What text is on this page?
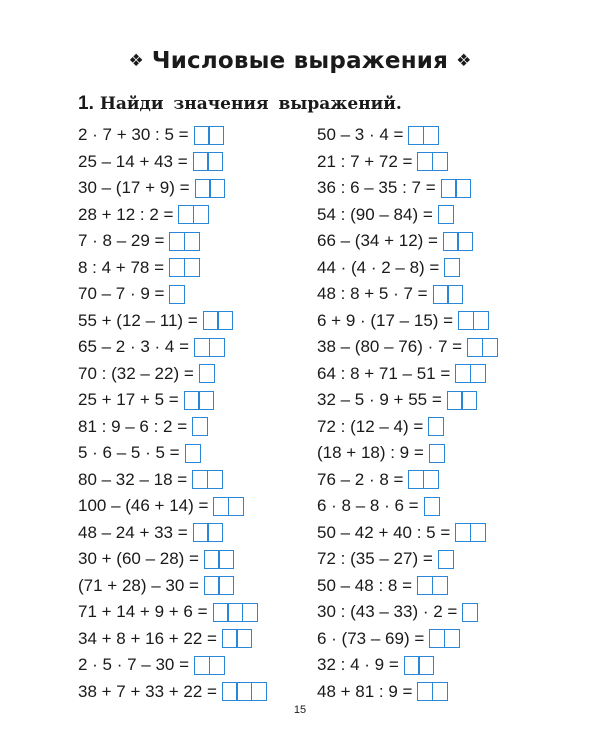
❖ Числовые выражения ❖
1. Найди значения выражений.
2 · 7 + 30 : 5 =
25 – 14 + 43 =
30 – (17 + 9) =
28 + 12 : 2 =
7 · 8 – 29 =
8 : 4 + 78 =
70 – 7 · 9 =
55 + (12 – 11) =
65 – 2 · 3 · 4 =
70 : (32 – 22) =
25 + 17 + 5 =
81 : 9 – 6 : 2 =
5 · 6 – 5 · 5 =
80 – 32 – 18 =
100 – (46 + 14) =
48 – 24 + 33 =
30 + (60 – 28) =
(71 + 28) – 30 =
71 + 14 + 9 + 6 =
34 + 8 + 16 + 22 =
2 · 5 · 7 – 30 =
38 + 7 + 33 + 22 =
50 – 3 · 4 =
21 : 7 + 72 =
36 : 6 – 35 : 7 =
54 : (90 – 84) =
66 – (34 + 12) =
44 · (4 · 2 – 8) =
48 : 8 + 5 · 7 =
6 + 9 · (17 – 15) =
38 – (80 – 76) · 7 =
64 : 8 + 71 – 51 =
32 – 5 · 9 + 55 =
72 : (12 – 4) =
(18 + 18) : 9 =
76 – 2 · 8 =
6 · 8 – 8 · 6 =
50 – 42 + 40 : 5 =
72 : (35 – 27) =
50 – 48 : 8 =
30 : (43 – 33) · 2 =
6 · (73 – 69) =
32 : 4 · 9 =
48 + 81 : 9 =
15
